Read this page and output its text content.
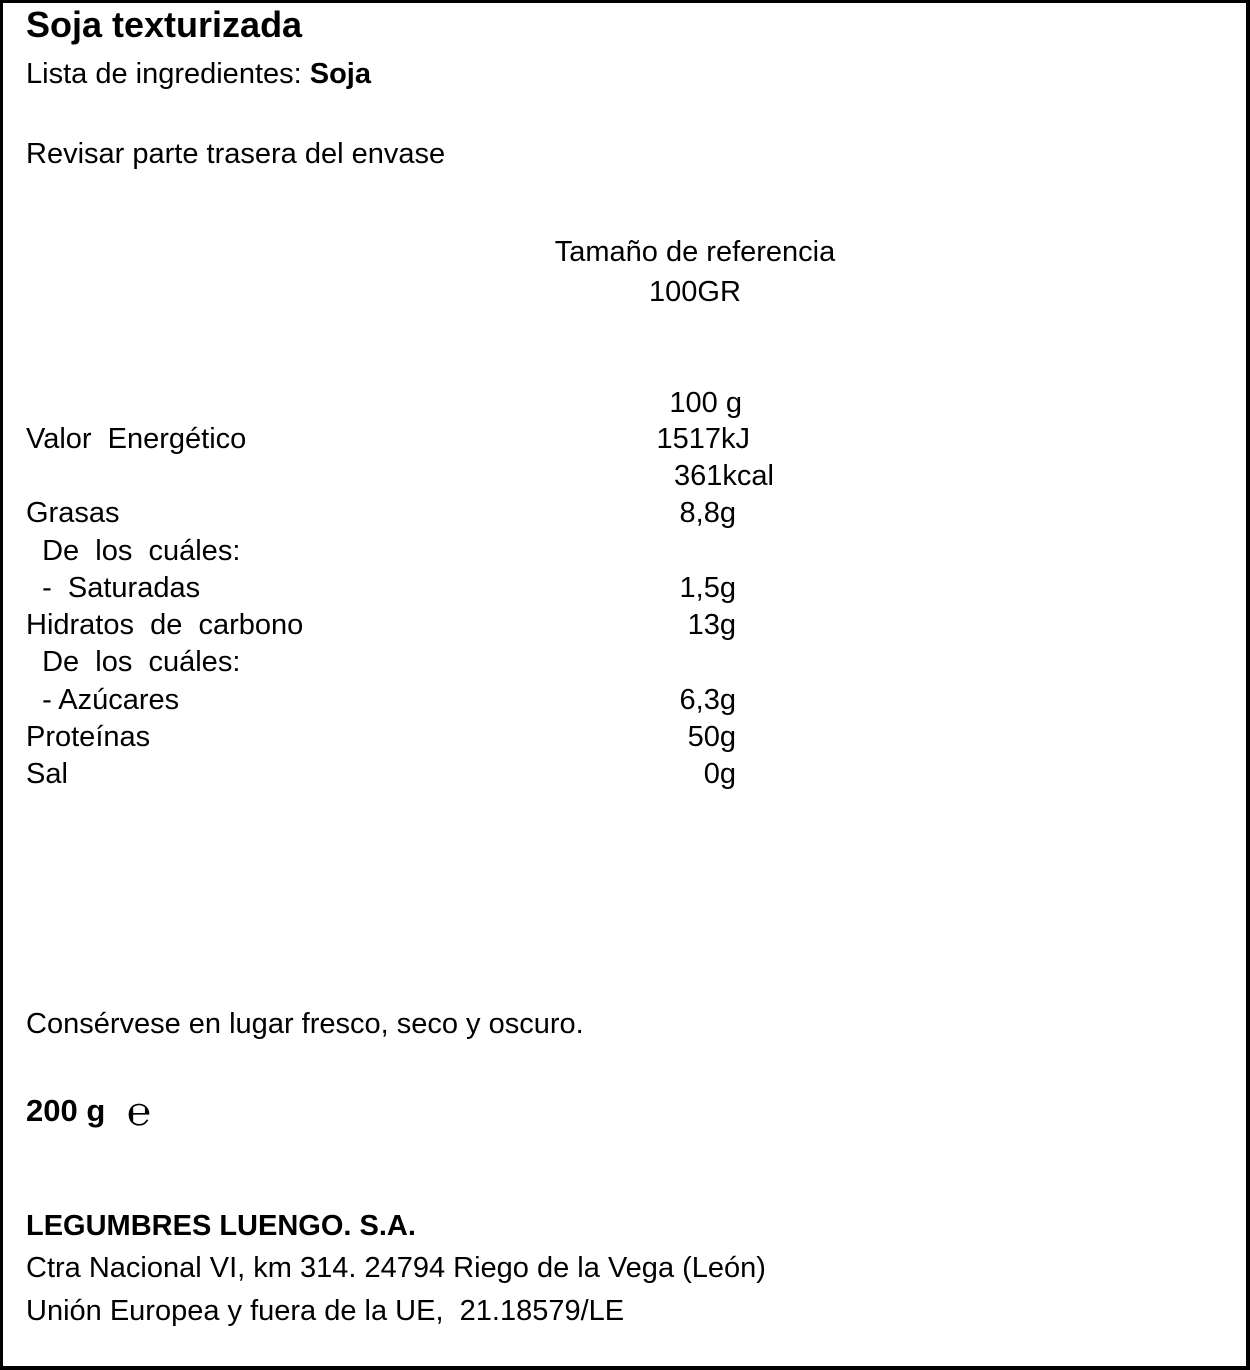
Soja texturizada
Lista de ingredientes: Soja
Revisar parte trasera del envase
Tamaño de referencia
100GR
100 g
Valor  Energético	1517kJ
361kcal
Grasas	8,8g
De  los  cuáles:
-  Saturadas	1,5g
Hidratos  de  carbono	13g
De  los  cuáles:
- Azúcares	6,3g
Proteínas	50g
Sal	0g
Consérvese en lugar fresco, seco y oscuro.
200 g ℮
LEGUMBRES LUENGO. S.A.
Ctra Nacional VI, km 314. 24794 Riego de la Vega (León)
Unión Europea y fuera de la UE,  21.18579/LE
